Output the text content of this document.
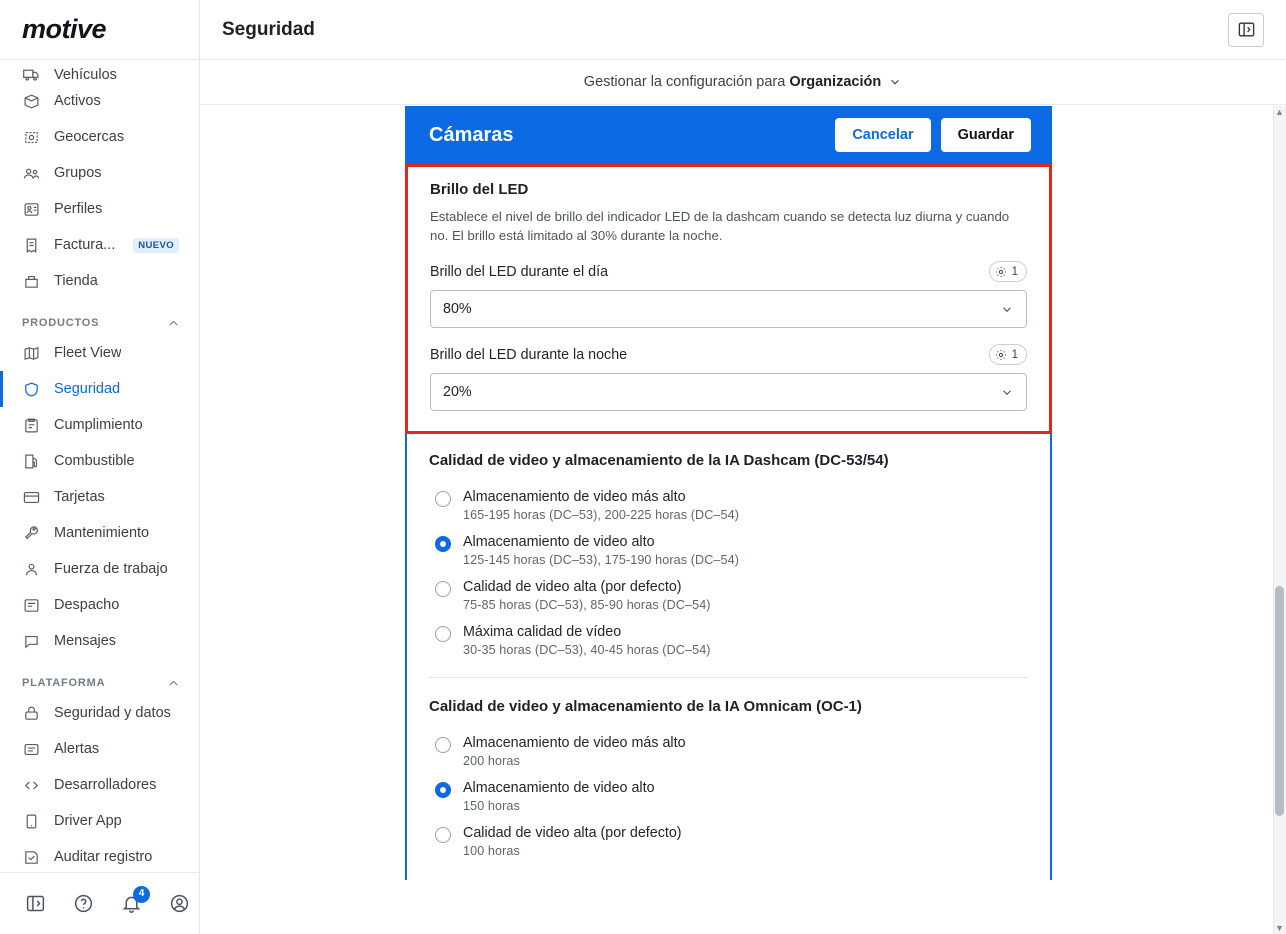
motive
Vehículos
Activos
Geocercas
Grupos
Perfiles
Factura...	NUEVO
Tienda
PRODUCTOS
Fleet View
Seguridad
Cumplimiento
Combustible
Tarjetas
Mantenimiento
Fuerza de trabajo
Despacho
Mensajes
PLATAFORMA
Seguridad y datos
Alertas
Desarrolladores
Driver App
Auditar registro
4
Seguridad
Gestionar la configuración para
Organización
Cámaras	Cancelar	Guardar
Brillo del LED

Establece el nivel de brillo del indicador LED de la dashcam cuando se detecta luz diurna y cuando no. El brillo está limitado al 30% durante la noche.

Brillo del LED durante el día	1
80%
Brillo del LED durante la noche	1
20%
Calidad de video y almacenamiento de la IA Dashcam (DC-53/54)
Almacenamiento de video más alto
165-195 horas (DC–53), 200-225 horas (DC–54)
Almacenamiento de video alto
125-145 horas (DC–53), 175-190 horas (DC–54)
Calidad de video alta (por defecto)
75-85 horas (DC–53), 85-90 horas (DC–54)
Máxima calidad de vídeo
30-35 horas (DC–53), 40-45 horas (DC–54)
Calidad de video y almacenamiento de la IA Omnicam (OC-1)
Almacenamiento de video más alto
200 horas
Almacenamiento de video alto
150 horas
Calidad de video alta (por defecto)
100 horas
▲
▼
